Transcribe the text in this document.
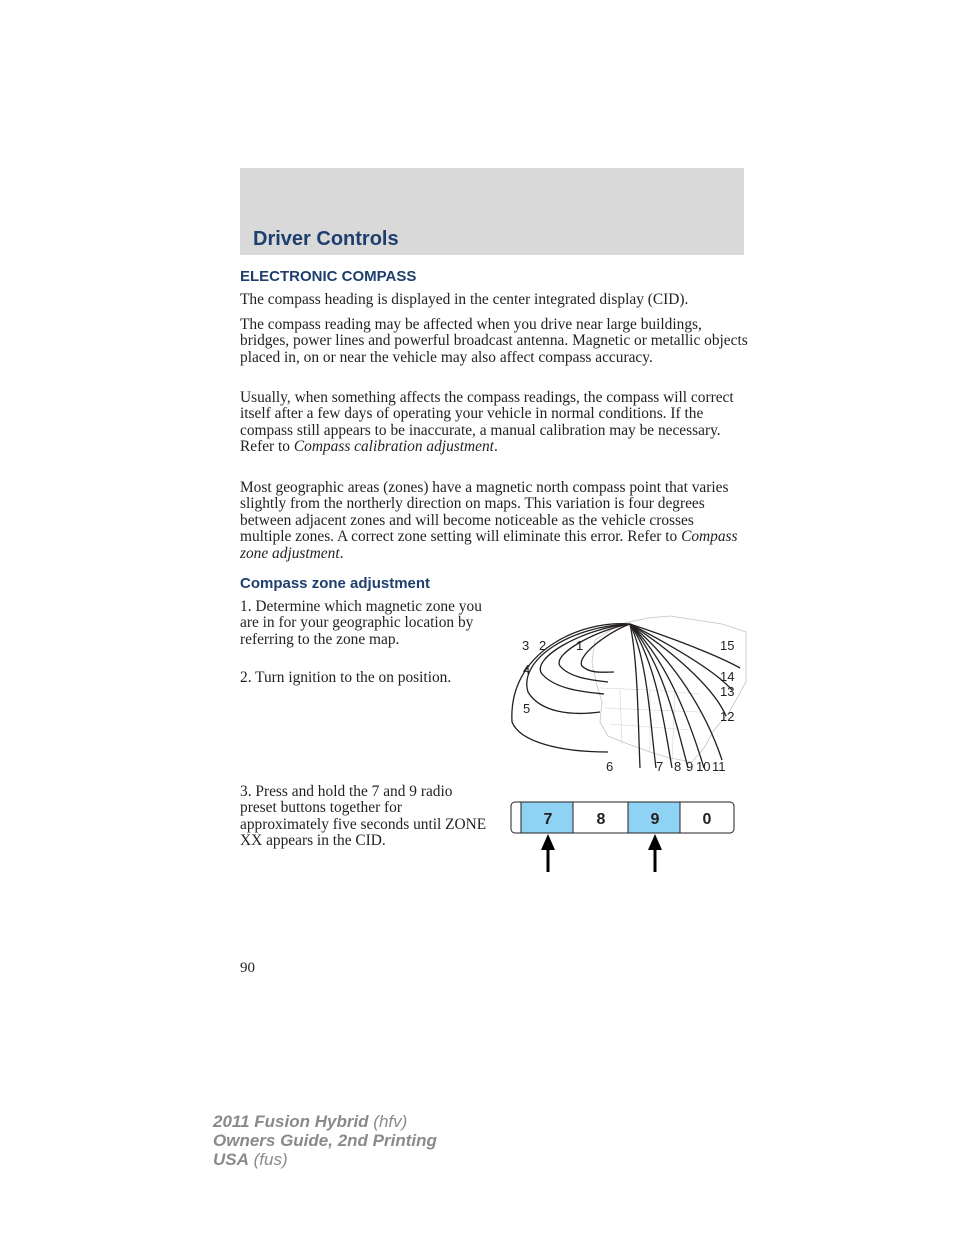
Driver Controls
ELECTRONIC COMPASS

The compass heading is displayed in the center integrated display (CID).

The compass reading may be affected when you drive near large buildings, bridges, power lines and powerful broadcast antenna. Magnetic or metallic objects placed in, on or near the vehicle may also affect compass accuracy.

Usually, when something affects the compass readings, the compass will correct itself after a few days of operating your vehicle in normal conditions. If the compass still appears to be inaccurate, a manual calibration may be necessary. Refer to Compass calibration adjustment.

Most geographic areas (zones) have a magnetic north compass point that varies slightly from the northerly direction on maps. This variation is four degrees between adjacent zones and will become noticeable as the vehicle crosses multiple zones. A correct zone setting will eliminate this error. Refer to Compass zone adjustment.

Compass zone adjustment

1. Determine which magnetic zone you are in for your geographic location by referring to the zone map.

2. Turn ignition to the on position.

3. Press and hold the 7 and 9 radio preset buttons together for approximately five seconds until ZONE XX appears in the CID.

1
2
3
4
5
6	7 8 9 10 11
12
13
14
15
7	8	9	0
90
2011 Fusion Hybrid (hfv)
Owners Guide, 2nd Printing
USA (fus)
